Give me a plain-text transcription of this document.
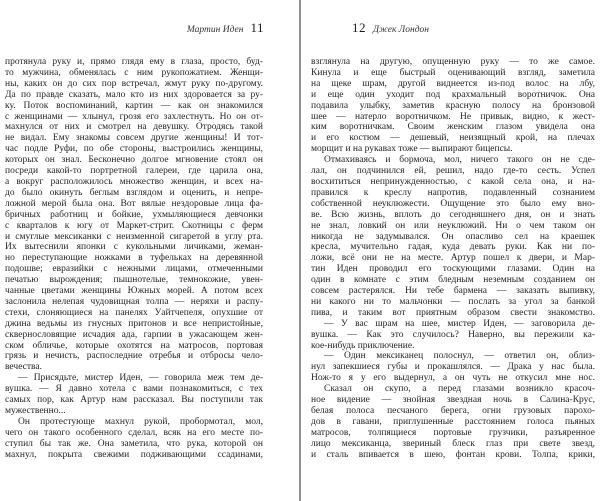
Мартин Иден 11
протянула руку и, прямо глядя ему в глаза, просто, буд-
то мужчина, обменялась с ним рукопожатием. Женщи-
ны, каких он до сих пор встречал, жмут руку по-другому.
Да по правде сказать, мало кто из них здоровается за ру-
ку. Поток воспоминаний, картин — как он знакомился
с женщинами — хлынул, грозя его захлестнуть. Но он от-
махнулся от них и смотрел на девушку. Отродясь такой
не видал. Ему знакомы совсем другие женщины! И тот-
час подле Руфи, по обе стороны, выстроились женщины,
которых он знал. Бесконечно долгое мгновение стоял он
посреди какой-то портретной галереи, где царила она,
а вокруг расположилось множество женщин, и всех на-
до было окинуть беглым взглядом и оценить, и непре-
ложной мерой была она. Вот вялые нездоровые лица фа-
бричных работниц и бойкие, ухмыляющиеся девчонки
с кварталов к югу от Маркет-стрит. Скотницы с ферм
и смуглые мексиканки с неизменной сигаретой в углу рта.
Их вытеснили японки с кукольными личиками, жеман-
но переступающие ножками в туфельках на деревянной
подошве; евразийки с нежными лицами, отмеченными
печатью вырождения; пышнотелые, темнокожие, увен-
чанные цветами женщины Южных морей. А потом всех
заслонила нелепая чудовищная толпа — неряхи и распу-
стехи, слоняющиеся на панелях Уайтчепеля, опухшие от
джина ведьмы из гнусных притонов и все непристойные,
сквернословящие исчадия ада, гарпии в ужасающем жен-
ском обличье, которые охотятся на матросов, портовая
грязь и нечисть, распоследние отребья и отбросы чело-
вечества.
— Присядьте, мистер Иден, — говорила меж тем де-
вушка. — Я давно хотела с вами познакомиться, с тех
самых пор, как Артур нам рассказал. Вы поступили так
мужественно...
Он протестующе махнул рукой, пробормотал, мол,
чего он такого особенного сделал, всяк на его месте по-
ступил бы так же. Она заметила, что рука, которой он
махнул, покрыта свежими подживающими ссадинами,
12 Джек Лондон
взглянула на другую, опущенную руку — то же самое.
Кинула и еще быстрый оценивающий взгляд, заметила
на щеке шрам, другой виднеется из-под волос на лбу,
и еще один уходит под крахмальный воротничок. Она
подавила улыбку, заметив красную полосу на бронзовой
шее — натерло воротничком. Не привык, видно, к жест-
ким воротничкам. Своим женским глазом увидела она
и его костюм — дешевый, неизящный крой, на плечах
морщит и на рукавах тоже — выпирают бицепсы.
Отмахиваясь и бормоча, мол, ничего такого он не сде-
лал, он подчинился ей, решил, надо где-то сесть. Успел
восхититься непринужденностью, с какой села она, и на-
правился к креслу напротив, подавленный сознанием
собственной неуклюжести. Ощущение это было ему вно-
ве. Всю жизнь, вплоть до сегодняшнего дня, он и знать
не знал, ловкий он или неуклюжий. Ни о чем таком он
никогда не задумывался. Он опасливо сел на краешек
кресла, мучительно гадая, куда девать руки. Как ни по-
ложи, всё они не на месте. Артур пошел к двери, и Мар-
тин Иден проводил его тоскующими глазами. Один на
один в комнате с этим бледным неземным созданием он
совсем растерялся. Ни тебе бармена — заказать выпивку,
ни какого ни то мальчонки — послать за угол за банкой
пива, и таким вот приятным образом свести знакомство.
— У вас шрам на шее, мистер Иден, — заговорила де-
вушка. — Как это случилось? Наверно, вы пережили ка-
кое-нибудь приключение.
— Один мексиканец полоснул, — ответил он, облиз-
нул запекшиеся губы и прокашлялся. — Драка у нас была.
Нож-то я у его выдернул, а он чуть не откусил мне нос.
Сказал он скупо, а перед глазами возникло красоч-
ное видение — знойная звездная ночь в Салина-Крус,
белая полоса песчаного берега, огни грузовых парохо-
дов в гавани, приглушенные расстоянием голоса пьяных
матросов, толпящиеся портовые грузчики, разъяренное
лицо мексиканца, звериный блеск глаз при свете звезд,
и сталь впивается в шею, фонтан крови. Толпа, крики,
